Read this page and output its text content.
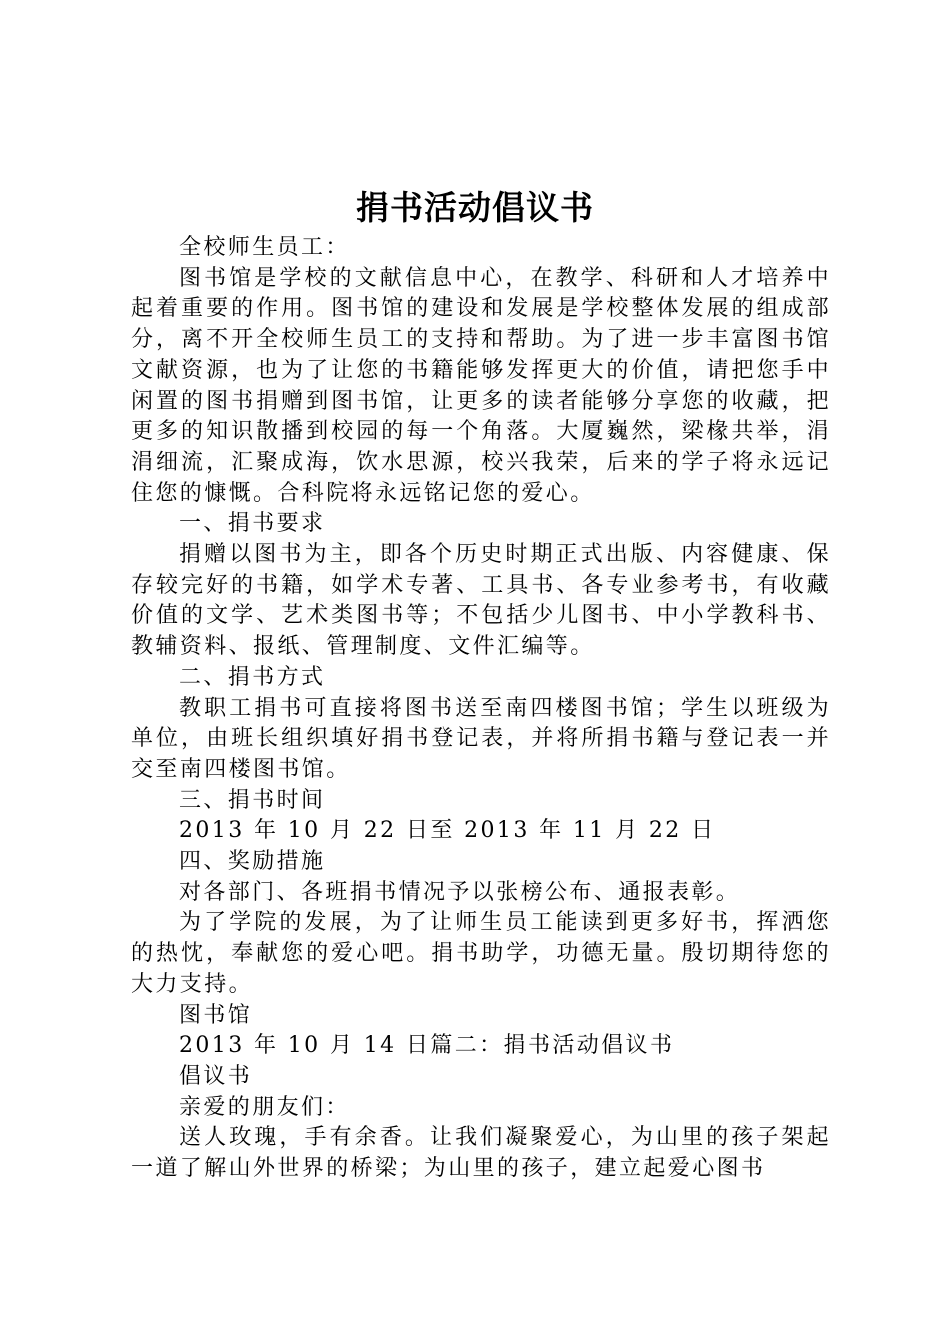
捐书活动倡议书

全校师生员工：

图书馆是学校的文献信息中心，在教学、科研和人才培养中起着重要的作用。图书馆的建设和发展是学校整体发展的组成部分，离不开全校师生员工的支持和帮助。为了进一步丰富图书馆文献资源，也为了让您的书籍能够发挥更大的价值，请把您手中闲置的图书捐赠到图书馆，让更多的读者能够分享您的收藏，把更多的知识散播到校园的每一个角落。大厦巍然，梁椽共举，涓涓细流，汇聚成海，饮水思源，校兴我荣，后来的学子将永远记住您的慷慨。合科院将永远铭记您的爱心。

一、捐书要求

捐赠以图书为主，即各个历史时期正式出版、内容健康、保存较完好的书籍，如学术专著、工具书、各专业参考书，有收藏价值的文学、艺术类图书等；不包括少儿图书、中小学教科书、教辅资料、报纸、管理制度、文件汇编等。

二、捐书方式

教职工捐书可直接将图书送至南四楼图书馆；学生以班级为单位，由班长组织填好捐书登记表，并将所捐书籍与登记表一并交至南四楼图书馆。

三、捐书时间

2013 年 10 月 22 日至 2013 年 11 月 22 日

四、奖励措施

对各部门、各班捐书情况予以张榜公布、通报表彰。

为了学院的发展，为了让师生员工能读到更多好书，挥洒您的热忱，奉献您的爱心吧。捐书助学，功德无量。殷切期待您的大力支持。

图书馆

2013 年 10 月 14 日篇二：捐书活动倡议书

倡议书

亲爱的朋友们：

送人玫瑰，手有余香。让我们凝聚爱心，为山里的孩子架起一道了解山外世界的桥梁；为山里的孩子，建立起爱心图书
